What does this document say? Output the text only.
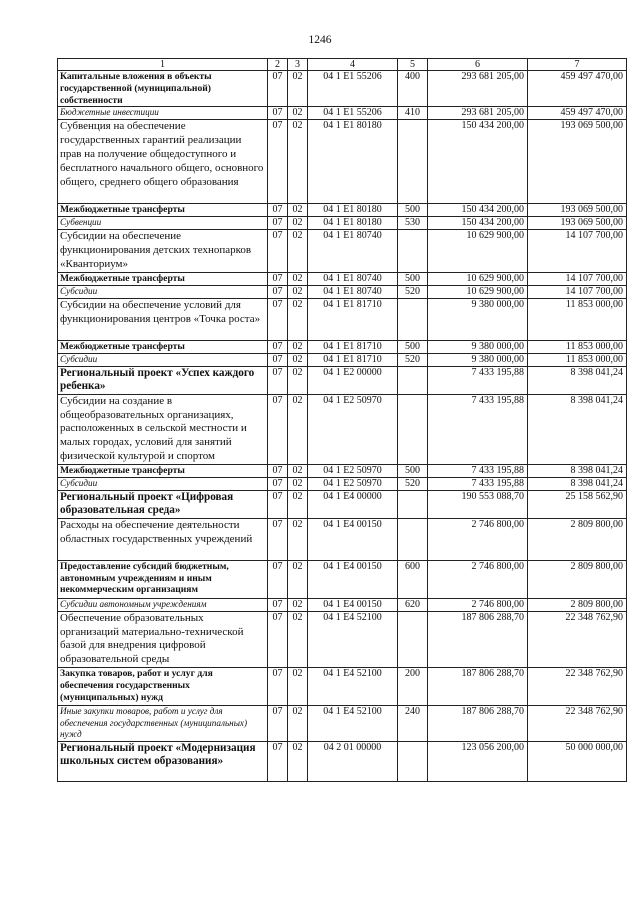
1246
1	2	3	4	5	6	7
Капитальные вложения в объекты государственной (муниципальной) собственности	07	02	04 1 E1 55206	400	293 681 205,00	459 497 470,00
Бюджетные инвестиции	07	02	04 1 E1 55206	410	293 681 205,00	459 497 470,00
Субвенция на обеспечение государственных гарантий реализации прав на получение общедоступного и бесплатного начального общего, основного общего, среднего общего образования	07	02	04 1 E1 80180		150 434 200,00	193 069 500,00
Межбюджетные трансферты	07	02	04 1 E1 80180	500	150 434 200,00	193 069 500,00
Субвенции	07	02	04 1 E1 80180	530	150 434 200,00	193 069 500,00
Субсидии на обеспечение функционирования детских технопарков «Кванториум»	07	02	04 1 E1 80740		10 629 900,00	14 107 700,00
Межбюджетные трансферты	07	02	04 1 E1 80740	500	10 629 900,00	14 107 700,00
Субсидии	07	02	04 1 E1 80740	520	10 629 900,00	14 107 700,00
Субсидии на обеспечение условий для функционирования центров «Точка роста»	07	02	04 1 E1 81710		9 380 000,00	11 853 000,00
Межбюджетные трансферты	07	02	04 1 E1 81710	500	9 380 000,00	11 853 000,00
Субсидии	07	02	04 1 E1 81710	520	9 380 000,00	11 853 000,00
Региональный проект «Успех каждого ребенка»	07	02	04 1 E2 00000		7 433 195,88	8 398 041,24
Субсидии на создание в общеобразовательных организациях, расположенных в сельской местности и малых городах, условий для занятий физической культурой и спортом	07	02	04 1 E2 50970		7 433 195,88	8 398 041,24
Межбюджетные трансферты	07	02	04 1 E2 50970	500	7 433 195,88	8 398 041,24
Субсидии	07	02	04 1 E2 50970	520	7 433 195,88	8 398 041,24
Региональный проект «Цифровая образовательная среда»	07	02	04 1 E4 00000		190 553 088,70	25 158 562,90
Расходы на обеспечение деятельности областных государственных учреждений	07	02	04 1 E4 00150		2 746 800,00	2 809 800,00
Предоставление субсидий бюджетным, автономным учреждениям и иным некоммерческим организациям	07	02	04 1 E4 00150	600	2 746 800,00	2 809 800,00
Субсидии автономным учреждениям	07	02	04 1 E4 00150	620	2 746 800,00	2 809 800,00
Обеспечение образовательных организаций материально-технической базой для внедрения цифровой образовательной среды	07	02	04 1 E4 52100		187 806 288,70	22 348 762,90
Закупка товаров, работ и услуг для обеспечения государственных (муниципальных) нужд	07	02	04 1 E4 52100	200	187 806 288,70	22 348 762,90
Иные закупки товаров, работ и услуг для обеспечения государственных (муниципальных) нужд	07	02	04 1 E4 52100	240	187 806 288,70	22 348 762,90
Региональный проект «Модернизация школьных систем образования»	07	02	04 2 01 00000		123 056 200,00	50 000 000,00
